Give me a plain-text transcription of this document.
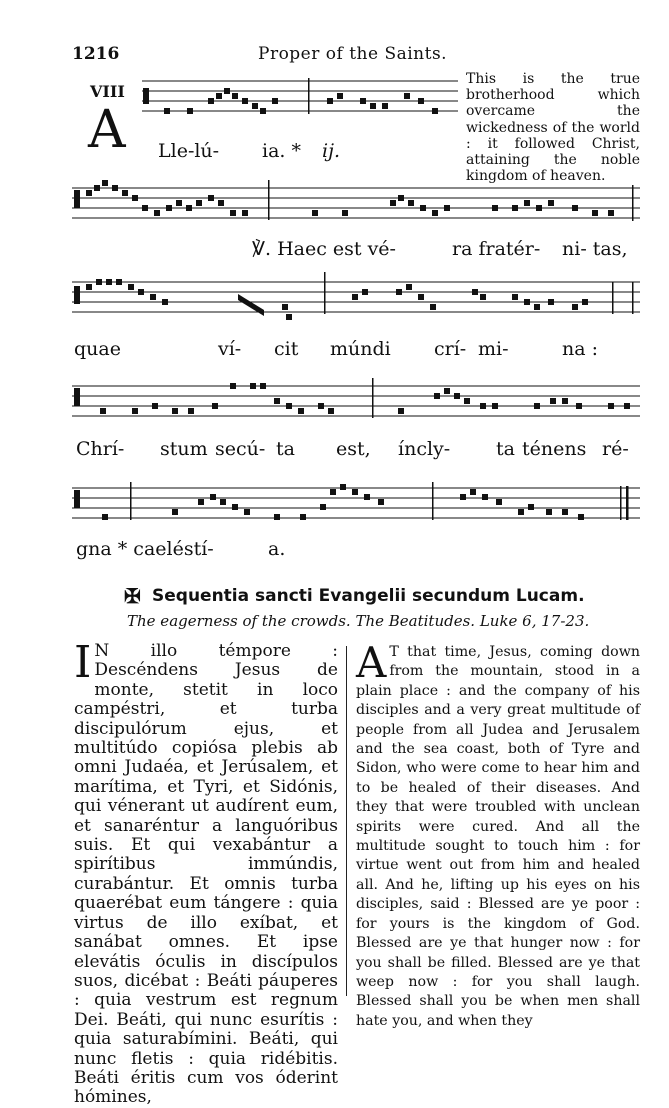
1216	Proper of the Saints.
VIII
A
This is the true brotherhood which overcame the wickedness of the world : it followed Christ, attaining the noble kingdom of heaven.
Lle-lú- ia. * ij.
℣. Haec est vé-	ra fratér- ni- tas,
quae	ví- cit múndi crí- mi-	na :
Chrí- stum secú- ta est, íncly- ta ténens ré-
gna * caeléstí-	a.
✠ Sequentia sancti Evangelii secundum Lucam.
The eagerness of the crowds. The Beatitudes. Luke 6, 17-23.
I N illo témpore : Descéndens Jesus de monte, stetit in loco campéstri, et turba discipulórum ejus, et multitúdo copiósa plebis ab omni Judaéa, et Jerúsalem, et marítima, et Tyri, et Sidónis, qui vénerant ut audírent eum, et sanaréntur a languóribus suis. Et qui vexabántur a spirítibus immúndis, curabántur. Et omnis turba quaerébat eum tángere : quia virtus de illo exíbat, et sanábat omnes. Et ipse elevátis óculis in discípulos suos, dicébat : Beáti páuperes : quia vestrum est regnum Dei. Beáti, qui nunc esurítis : quia saturabímini. Beáti, qui nunc fletis : quia ridébitis. Beáti éritis cum vos óderint hómines,
A T that time, Jesus, coming down from the mountain, stood in a plain place : and the company of his disciples and a very great multitude of people from all Judea and Jerusalem and the sea coast, both of Tyre and Sidon, who were come to hear him and to be healed of their diseases. And they that were troubled with unclean spirits were cured. And all the multitude sought to touch him : for virtue went out from him and healed all. And he, lifting up his eyes on his disciples, said : Blessed are ye poor : for yours is the kingdom of God. Blessed are ye that hunger now : for you shall be filled. Blessed are ye that weep now : for you shall laugh. Blessed shall you be when men shall hate you, and when they
